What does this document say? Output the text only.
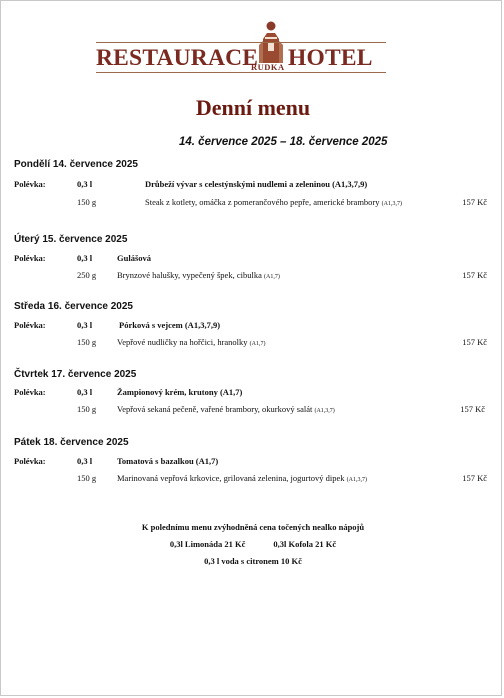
RESTAURACE HOTEL
RUDKA
Denní menu
14. července 2025 – 18. července 2025
Pondělí 14. července 2025
Polévka:	0,3 l	Drůbeží vývar s celestýnskými nudlemi a zeleninou (A1,3,7,9)
150 g	Steak z kotlety, omáčka z pomerančového pepře, americké brambory (A1,3,7)	157 Kč
Úterý 15. července 2025
Polévka:	0,3 l	Gulášová
250 g Brynzové halušky, vypečený špek, cibulka (A1,7)	157 Kč
Středa 16. července 2025
Polévka:	0,3 l	Pórková s vejcem (A1,3,7,9)
150 g Vepřové nudličky na hořčici, hranolky (A1,7)	157 Kč
Čtvrtek 17. července 2025
Polévka:	0,3 l	Žampionový krém, krutony (A1,7)
150 g Vepřová sekaná pečeně, vařené brambory, okurkový salát (A1,3,7)	157 Kč
Pátek 18. července 2025
Polévka:	0,3 l	Tomatová s bazalkou (A1,7)
150 g Marinovaná vepřová krkovice, grilovaná zelenina, jogurtový dipek (A1,3,7)	157 Kč
K polednímu menu zvýhodněná cena točených nealko nápojů
0,3l Limonáda 21 Kč	0,3l Kofola 21 Kč
0,3 l voda s citronem 10 Kč
